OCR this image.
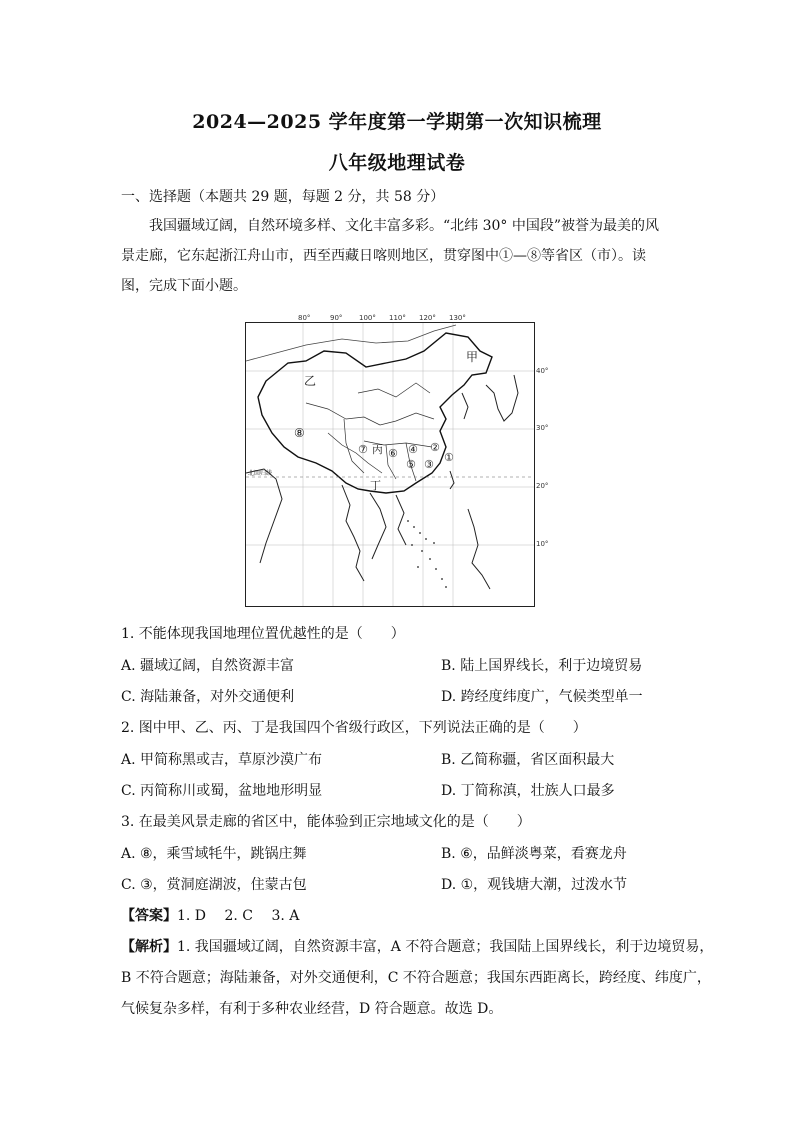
2024—2025 学年度第一学期第一次知识梳理
八年级地理试卷
一、选择题（本题共 29 题，每题 2 分，共 58 分）
我国疆域辽阔，自然环境多样、文化丰富多彩。“北纬 30° 中国段”被誉为最美的风景走廊，它东起浙江舟山市，西至西藏日喀则地区，贯穿图中①—⑧等省区（市）。读图，完成下面小题。
80°	90° 100° 110° 120° 130°
40°
30°
20°
10°
甲
乙
⑧
⑦ 丙 ⑥ ④ ②
①
⑤ ③
丁
北回归线
1. 不能体现我国地理位置优越性的是（　　）
A. 疆域辽阔，自然资源丰富	B. 陆上国界线长，利于边境贸易
C. 海陆兼备，对外交通便利	D. 跨经度纬度广，气候类型单一
2. 图中甲、乙、丙、丁是我国四个省级行政区，下列说法正确的是（　　）
A. 甲简称黑或吉，草原沙漠广布	B. 乙简称疆，省区面积最大
C. 丙简称川或蜀，盆地地形明显	D. 丁简称滇，壮族人口最多
3. 在最美风景走廊的省区中，能体验到正宗地域文化的是（　　）
A. ⑧，乘雪域牦牛，跳锅庄舞	B. ⑥，品鲜淡粤菜，看赛龙舟
C. ③，赏洞庭湖波，住蒙古包	D. ①，观钱塘大潮，过泼水节
【答案】1. D　 2. C　 3. A
【解析】1. 我国疆域辽阔，自然资源丰富，A 不符合题意；我国陆上国界线长，利于边境贸易，
B 不符合题意；海陆兼备，对外交通便利，C 不符合题意；我国东西距离长，跨经度、纬度广，
气候复杂多样，有利于多种农业经营，D 符合题意。故选 D。
